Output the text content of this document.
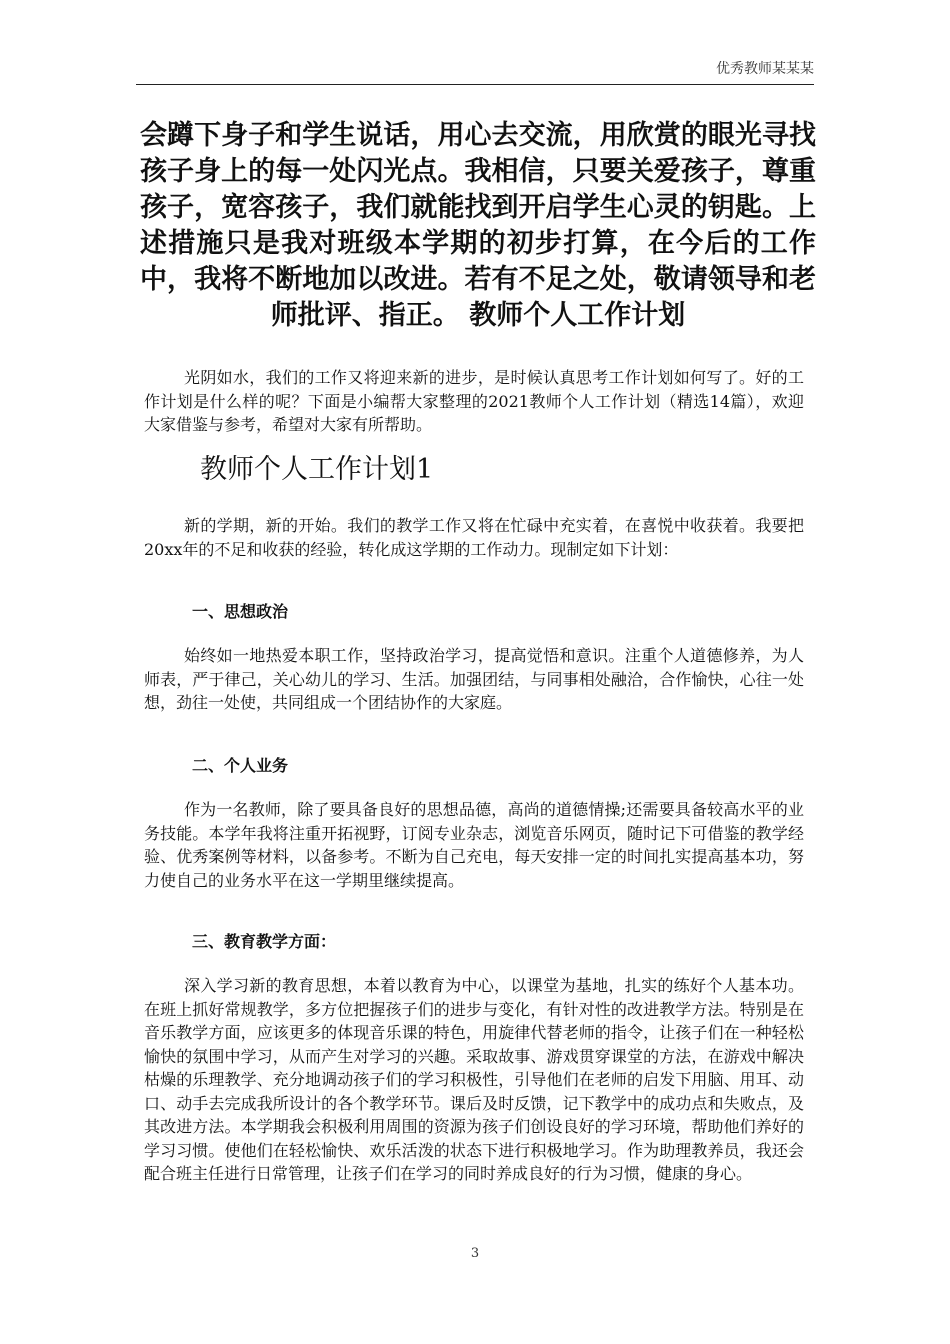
优秀教师某某某
会蹲下身子和学生说话，用心去交流，用欣赏的眼光寻找孩子身上的每一处闪光点。我相信，只要关爱孩子，尊重孩子，宽容孩子，我们就能找到开启学生心灵的钥匙。上述措施只是我对班级本学期的初步打算，在今后的工作中，我将不断地加以改进。若有不足之处，敬请领导和老师批评、指正。 教师个人工作计划

光阴如水，我们的工作又将迎来新的进步，是时候认真思考工作计划如何写了。好的工作计划是什么样的呢？下面是小编帮大家整理的2021教师个人工作计划（精选14篇），欢迎大家借鉴与参考，希望对大家有所帮助。

教师个人工作计划1

新的学期，新的开始。我们的教学工作又将在忙碌中充实着，在喜悦中收获着。我要把20xx年的不足和收获的经验，转化成这学期的工作动力。现制定如下计划：

一、思想政治

始终如一地热爱本职工作，坚持政治学习，提高觉悟和意识。注重个人道德修养，为人师表，严于律己，关心幼儿的学习、生活。加强团结，与同事相处融洽，合作愉快，心往一处想，劲往一处使，共同组成一个团结协作的大家庭。

二、个人业务

作为一名教师，除了要具备良好的思想品德，高尚的道德情操;还需要具备较高水平的业务技能。本学年我将注重开拓视野，订阅专业杂志，浏览音乐网页，随时记下可借鉴的教学经验、优秀案例等材料，以备参考。不断为自己充电，每天安排一定的时间扎实提高基本功，努力使自己的业务水平在这一学期里继续提高。

三、教育教学方面：

深入学习新的教育思想，本着以教育为中心，以课堂为基地，扎实的练好个人基本功。在班上抓好常规教学，多方位把握孩子们的进步与变化，有针对性的改进教学方法。特别是在音乐教学方面，应该更多的体现音乐课的特色，用旋律代替老师的指令，让孩子们在一种轻松愉快的氛围中学习，从而产生对学习的兴趣。采取故事、游戏贯穿课堂的方法，在游戏中解决枯燥的乐理教学、充分地调动孩子们的学习积极性，引导他们在老师的启发下用脑、用耳、动口、动手去完成我所设计的各个教学环节。课后及时反馈，记下教学中的成功点和失败点，及其改进方法。本学期我会积极利用周围的资源为孩子们创设良好的学习环境，帮助他们养好的学习习惯。使他们在轻松愉快、欢乐活泼的状态下进行积极地学习。作为助理教养员，我还会配合班主任进行日常管理，让孩子们在学习的同时养成良好的行为习惯，健康的身心。

3
